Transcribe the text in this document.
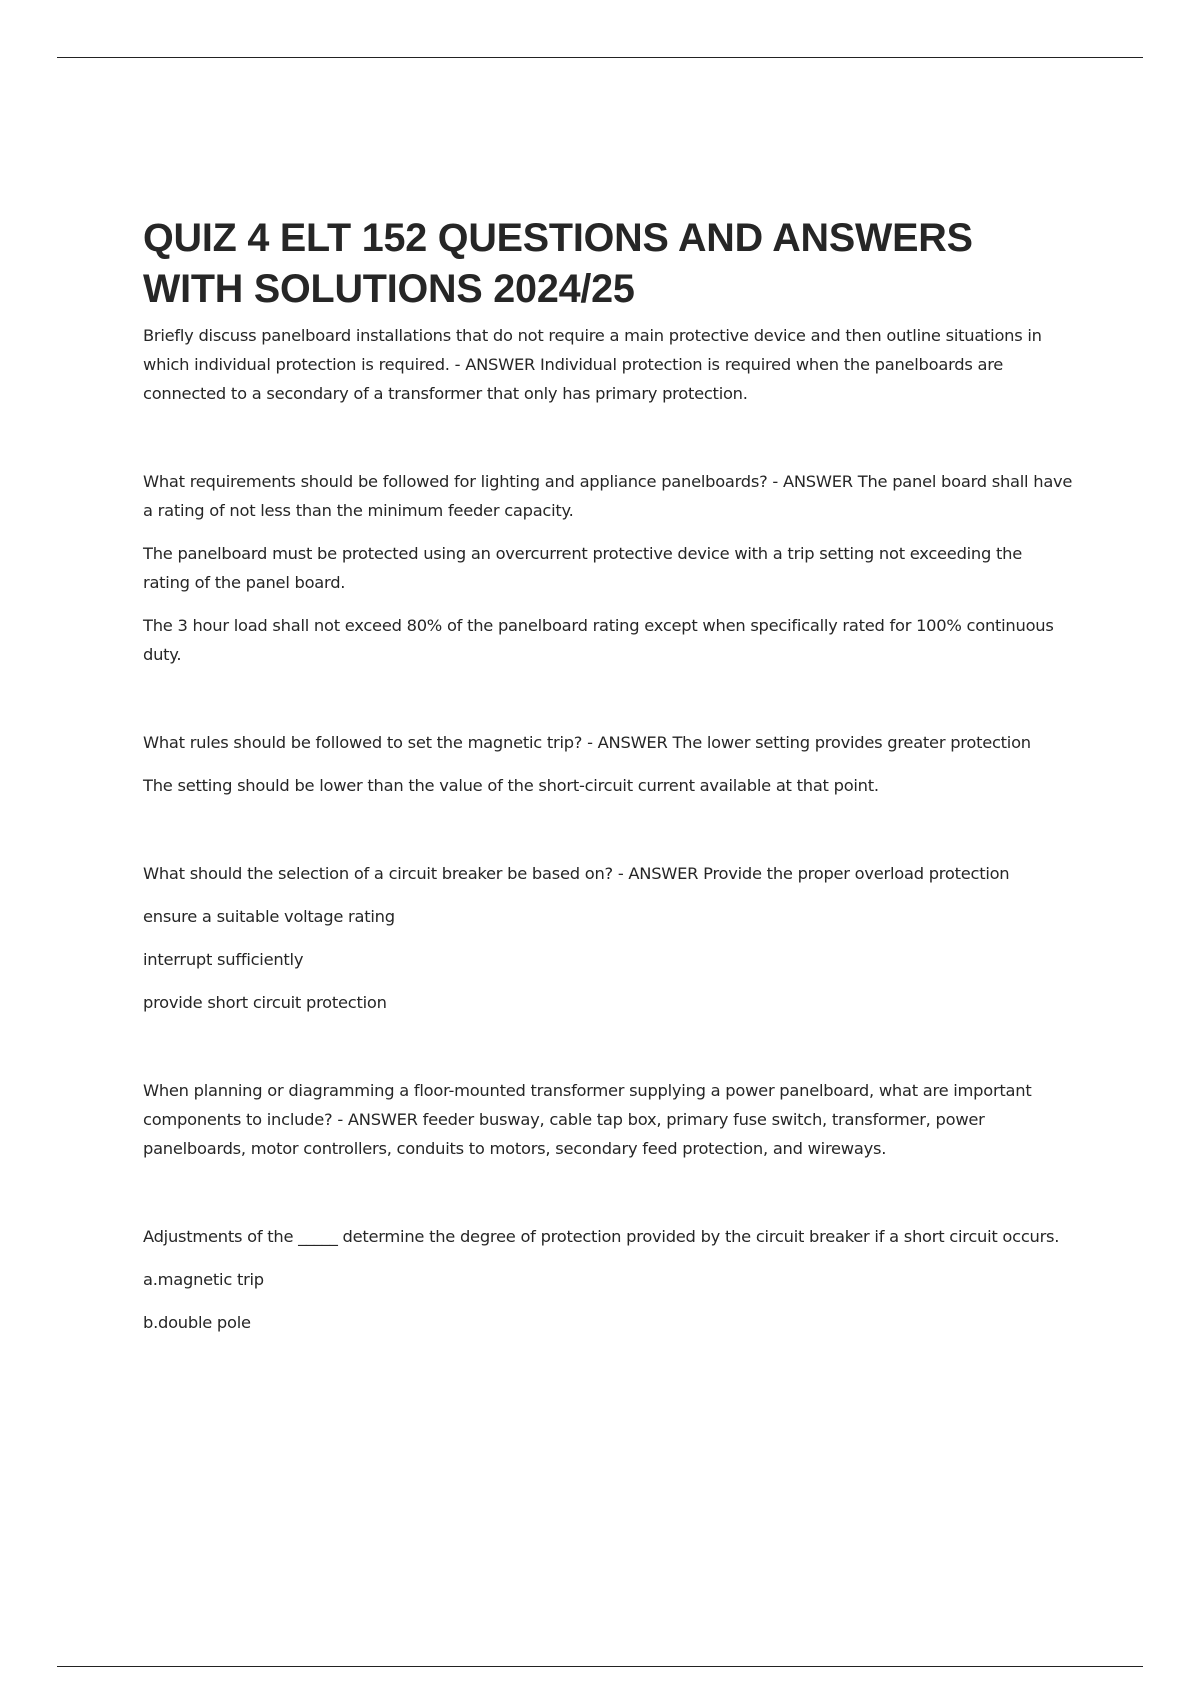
QUIZ 4 ELT 152 QUESTIONS AND ANSWERS
WITH SOLUTIONS 2024/25

Briefly discuss panelboard installations that do not require a main protective device and then outline situations in which individual protection is required. - ANSWER Individual protection is required when the panelboards are connected to a secondary of a transformer that only has primary protection.

What requirements should be followed for lighting and appliance panelboards? - ANSWER The panel board shall have a rating of not less than the minimum feeder capacity.

The panelboard must be protected using an overcurrent protective device with a trip setting not exceeding the rating of the panel board.

The 3 hour load shall not exceed 80% of the panelboard rating except when specifically rated for 100% continuous duty.

What rules should be followed to set the magnetic trip? - ANSWER The lower setting provides greater protection

The setting should be lower than the value of the short-circuit current available at that point.

What should the selection of a circuit breaker be based on? - ANSWER Provide the proper overload protection

ensure a suitable voltage rating

interrupt sufficiently

provide short circuit protection

When planning or diagramming a floor-mounted transformer supplying a power panelboard, what are important components to include? - ANSWER feeder busway, cable tap box, primary fuse switch, transformer, power panelboards, motor controllers, conduits to motors, secondary feed protection, and wireways.

Adjustments of the _____ determine the degree of protection provided by the circuit breaker if a short circuit occurs.

a.magnetic trip

b.double pole
